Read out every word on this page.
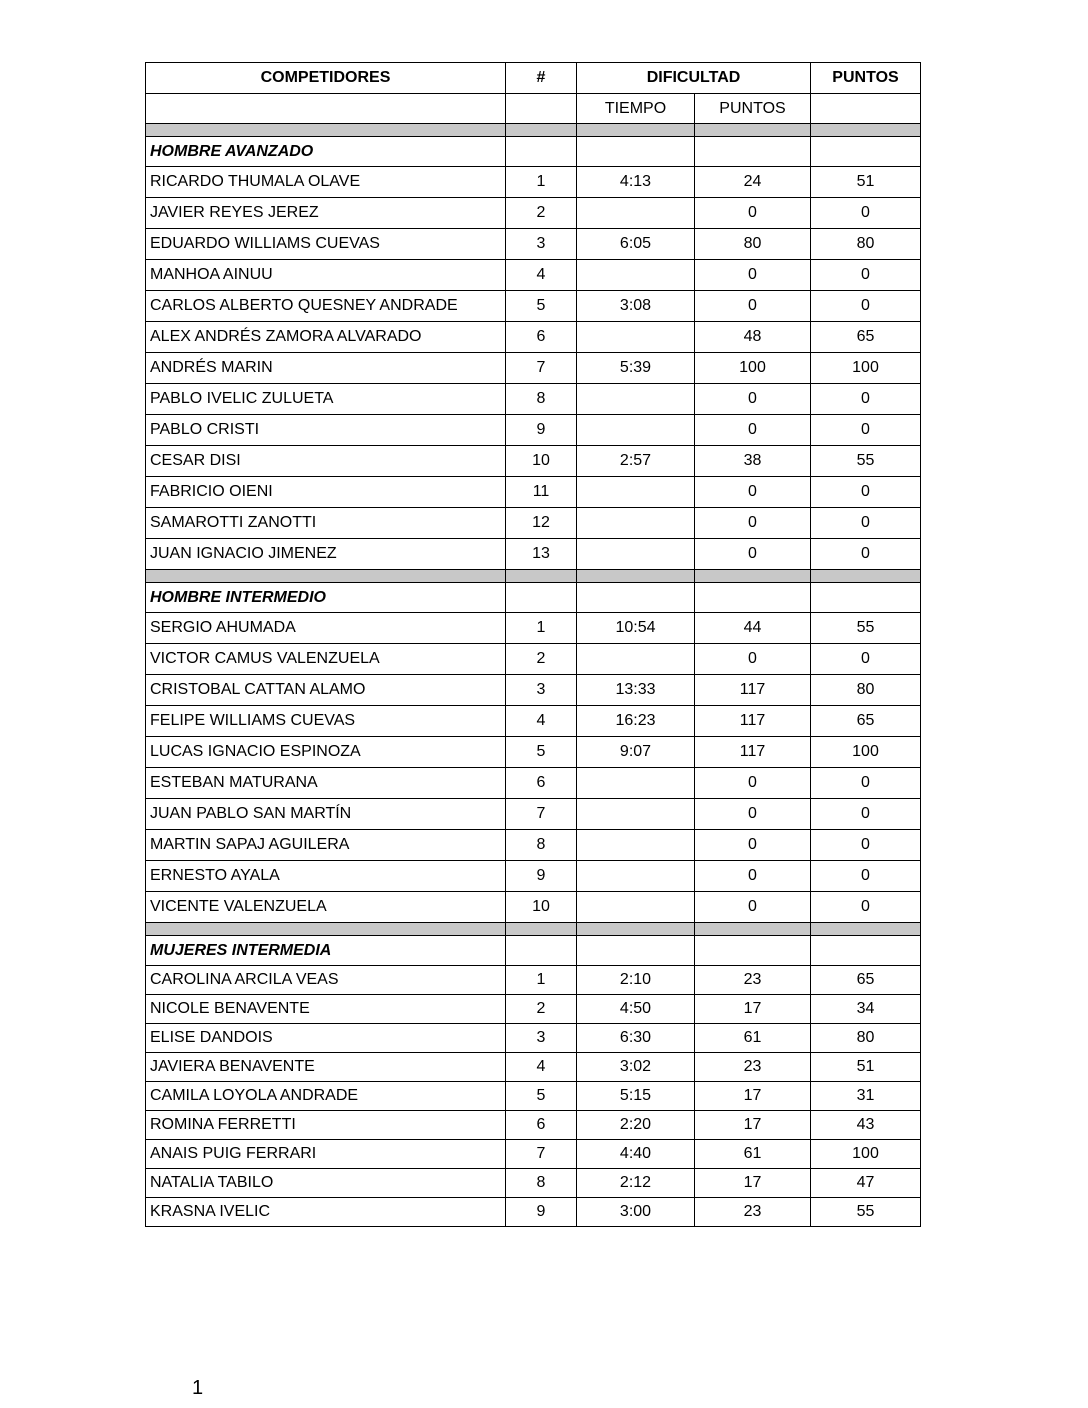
COMPETIDORES	#	DIFICULTAD		PUNTOS
		TIEMPO	PUNTOS	

HOMBRE AVANZADO				
RICARDO THUMALA OLAVE	1	4:13	24	51
JAVIER REYES JEREZ	2		0	0
EDUARDO WILLIAMS CUEVAS	3	6:05	80	80
MANHOA AINUU	4		0	0
CARLOS ALBERTO QUESNEY ANDRADE	5	3:08	0	0
ALEX ANDRÉS ZAMORA ALVARADO	6		48	65
ANDRÉS MARIN	7	5:39	100	100
PABLO IVELIC ZULUETA	8		0	0
PABLO CRISTI	9		0	0
CESAR DISI	10	2:57	38	55
FABRICIO OIENI	11		0	0
SAMAROTTI ZANOTTI	12		0	0
JUAN IGNACIO JIMENEZ	13		0	0

HOMBRE INTERMEDIO				
SERGIO AHUMADA	1	10:54	44	55
VICTOR CAMUS VALENZUELA	2		0	0
CRISTOBAL CATTAN ALAMO	3	13:33	117	80
FELIPE WILLIAMS CUEVAS	4	16:23	117	65
LUCAS IGNACIO ESPINOZA	5	9:07	117	100
ESTEBAN MATURANA	6		0	0
JUAN PABLO SAN MARTÍN	7		0	0
MARTIN SAPAJ AGUILERA	8		0	0
ERNESTO AYALA	9		0	0
VICENTE VALENZUELA	10		0	0

MUJERES INTERMEDIA				
CAROLINA ARCILA VEAS	1	2:10	23	65
NICOLE BENAVENTE	2	4:50	17	34
ELISE DANDOIS	3	6:30	61	80
JAVIERA BENAVENTE	4	3:02	23	51
CAMILA LOYOLA ANDRADE	5	5:15	17	31
ROMINA FERRETTI	6	2:20	17	43
ANAIS PUIG FERRARI	7	4:40	61	100
NATALIA TABILO	8	2:12	17	47
KRASNA IVELIC	9	3:00	23	55
1
